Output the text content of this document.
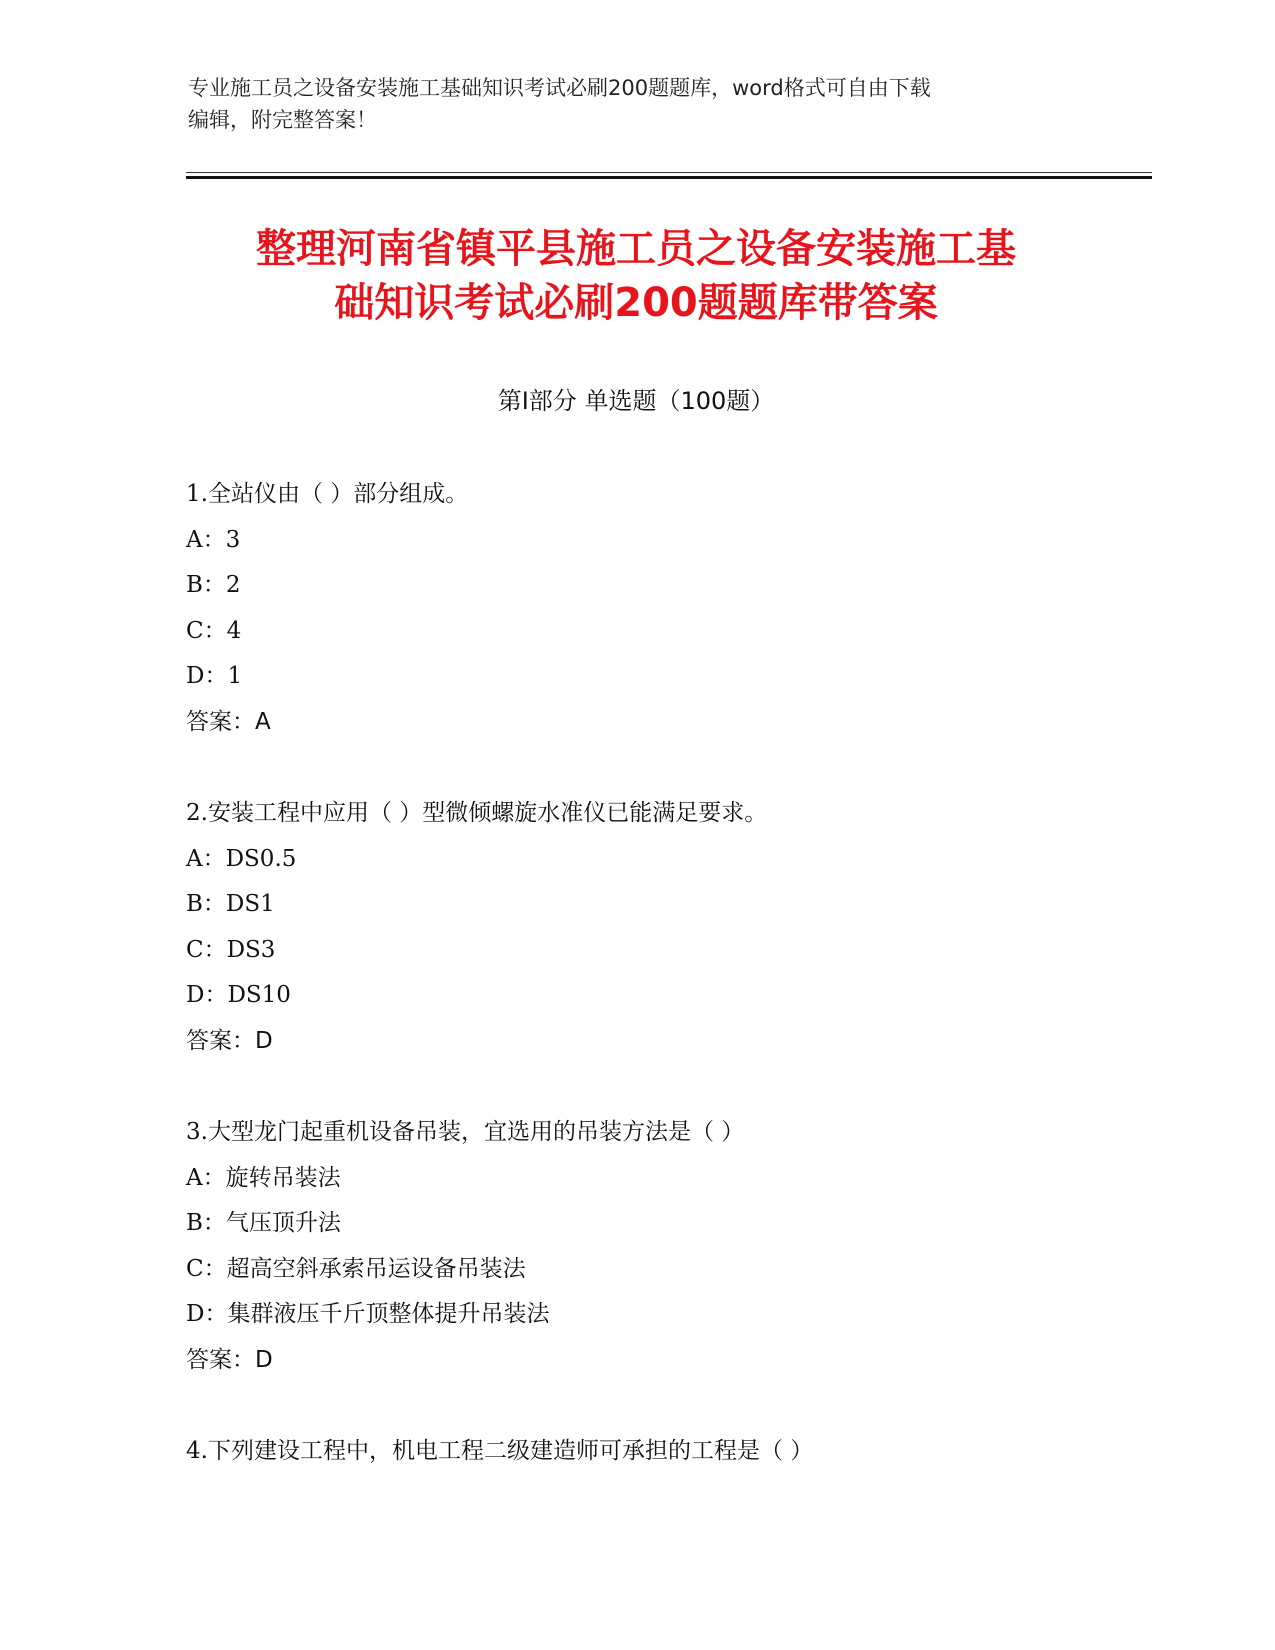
专业施工员之设备安装施工基础知识考试必刷200题题库，word格式可自由下载
编辑，附完整答案！
整理河南省镇平县施工员之设备安装施工基
础知识考试必刷200题题库带答案
第Ⅰ部分 单选题（100题）
1.全站仪由（ ）部分组成。
A：3
B：2
C：4
D：1
答案：A
2.安装工程中应用（ ）型微倾螺旋水准仪已能满足要求。
A：DS0.5
B：DS1
C：DS3
D：DS10
答案：D
3.大型龙门起重机设备吊装，宜选用的吊装方法是（ ）
A：旋转吊装法
B：气压顶升法
C：超高空斜承索吊运设备吊装法
D：集群液压千斤顶整体提升吊装法
答案：D
4.下列建设工程中，机电工程二级建造师可承担的工程是（ ）
